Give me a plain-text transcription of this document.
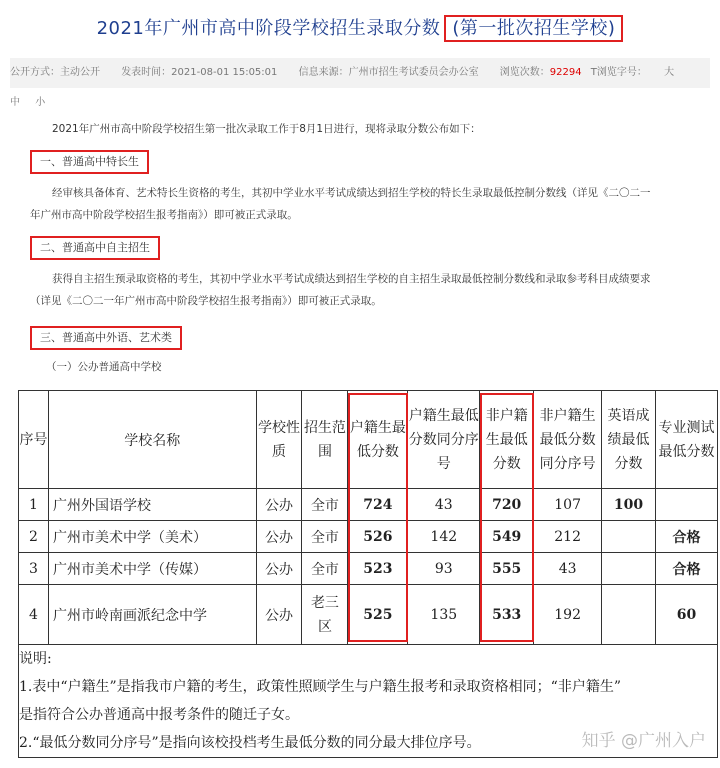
2021年广州市高中阶段学校招生录取分数 (第一批次招生学校)
公开方式：主动公开 发表时间：2021-08-01 15:05:01 信息来源：广州市招生考试委员会办公室 浏览次数：92294 T浏览字号： 大 中 小
2021年广州市高中阶段学校招生第一批次录取工作于8月1日进行，现将录取分数公布如下：
一、普通高中特长生
经审核具备体育、艺术特长生资格的考生，其初中学业水平考试成绩达到招生学校的特长生录取最低控制分数线（详见《二〇二一
年广州市高中阶段学校招生报考指南》）即可被正式录取。
二、普通高中自主招生
获得自主招生预录取资格的考生，其初中学业水平考试成绩达到招生学校的自主招生录取最低控制分数线和录取参考科目成绩要求
（详见《二〇二一年广州市高中阶段学校招生报考指南》）即可被正式录取。
三、普通高中外语、艺术类
（一）公办普通高中学校
序号	学校名称	学校性质	招生范围	户籍生最低分数	户籍生最低分数同分序号	非户籍生最低分数	非户籍生最低分数同分序号	英语成绩最低分数	专业测试最低分数
1	广州外国语学校	公办	全市	724	43	720	107	100	
2	广州市美术中学（美术）	公办	全市	526	142	549	212		合格
3	广州市美术中学（传媒）	公办	全市	523	93	555	43		合格
4	广州市岭南画派纪念中学	公办	老三区	525	135	533	192		60

说明:
1.表中“户籍生”是指我市户籍的考生，政策性照顾学生与户籍生报考和录取资格相同；“非户籍生”
是指符合公办普通高中报考条件的随迁子女。
2.“最低分数同分序号”是指向该校投档考生最低分数的同分最大排位序号。										知乎 @广州入户
